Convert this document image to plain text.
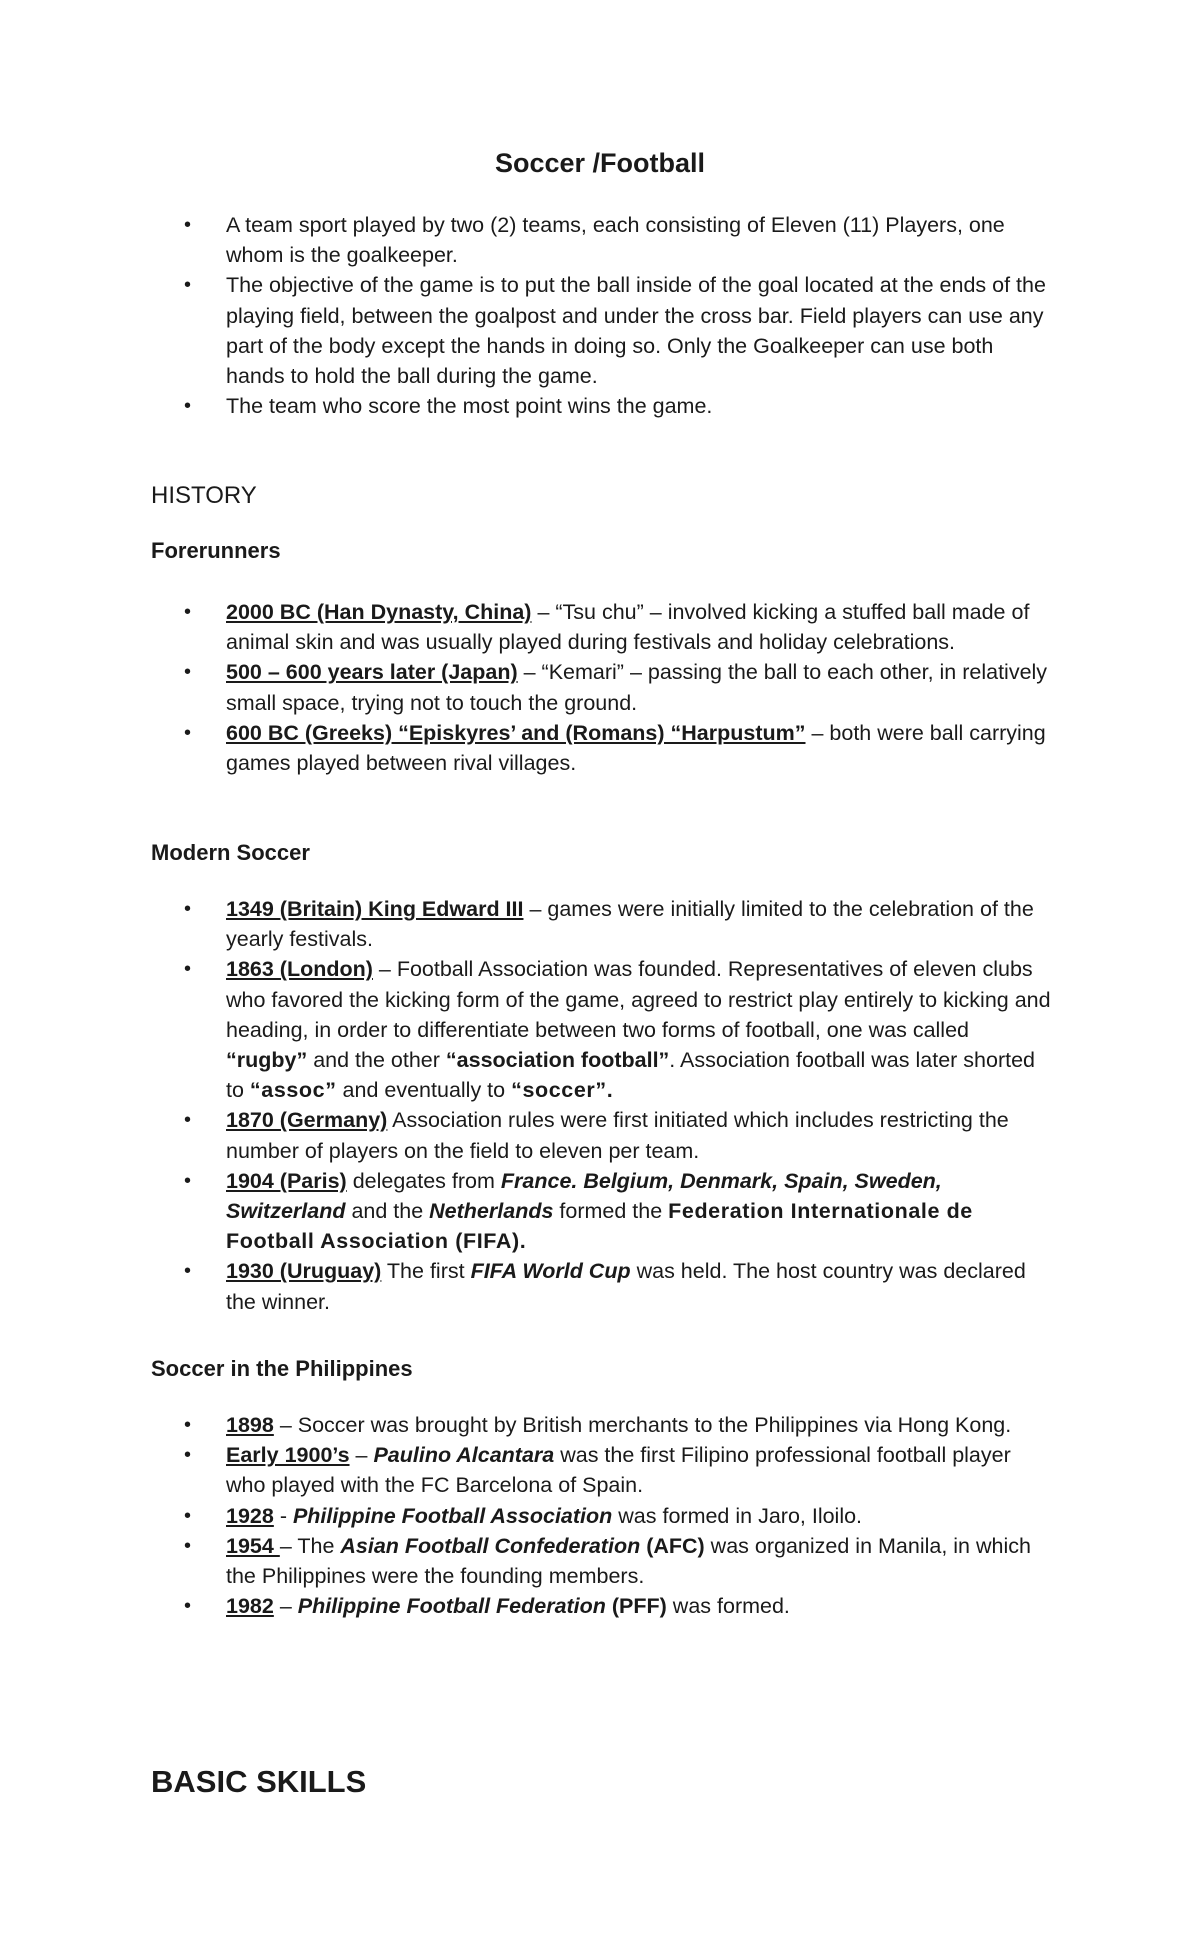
Soccer /Football
• A team sport played by two (2) teams, each consisting of Eleven (11) Players, one whom is the goalkeeper.
• The objective of the game is to put the ball inside of the goal located at the ends of the playing field, between the goalpost and under the cross bar. Field players can use any part of the body except the hands in doing so. Only the Goalkeeper can use both hands to hold the ball during the game.
• The team who score the most point wins the game.
HISTORY
Forerunners
• 2000 BC (Han Dynasty, China) – “Tsu chu” – involved kicking a stuffed ball made of animal skin and was usually played during festivals and holiday celebrations.
• 500 – 600 years later (Japan) – “Kemari” – passing the ball to each other, in relatively small space, trying not to touch the ground.
• 600 BC (Greeks) “Episkyres’ and (Romans) “Harpustum” – both were ball carrying games played between rival villages.
Modern Soccer
• 1349 (Britain) King Edward III – games were initially limited to the celebration of the yearly festivals.
• 1863 (London) – Football Association was founded. Representatives of eleven clubs who favored the kicking form of the game, agreed to restrict play entirely to kicking and heading, in order to differentiate between two forms of football, one was called “rugby” and the other “association football”. Association football was later shorted to “assoc” and eventually to “soccer”.
• 1870 (Germany) Association rules were first initiated which includes restricting the number of players on the field to eleven per team.
• 1904 (Paris) delegates from France. Belgium, Denmark, Spain, Sweden, Switzerland and the Netherlands formed the Federation Internationale de Football Association (FIFA).
• 1930 (Uruguay) The first FIFA World Cup was held. The host country was declared the winner.
Soccer in the Philippines
• 1898 – Soccer was brought by British merchants to the Philippines via Hong Kong.
• Early 1900’s – Paulino Alcantara was the first Filipino professional football player who played with the FC Barcelona of Spain.
• 1928 - Philippine Football Association was formed in Jaro, Iloilo.
• 1954 – The Asian Football Confederation (AFC) was organized in Manila, in which the Philippines were the founding members.
• 1982 – Philippine Football Federation (PFF) was formed.
BASIC SKILLS
